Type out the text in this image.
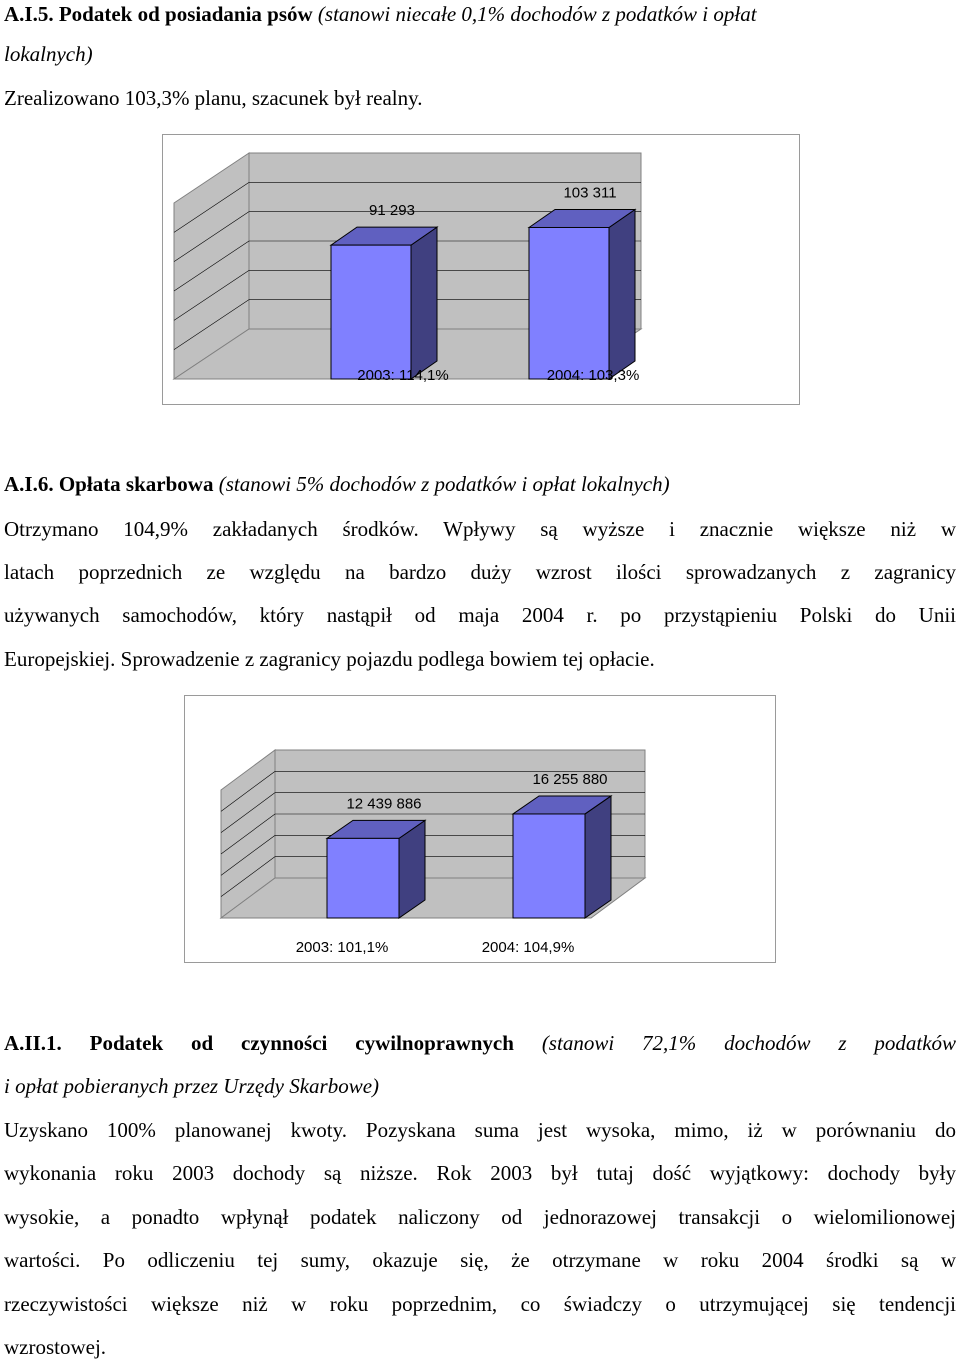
A.I.5. Podatek od posiadania psów (stanowi niecałe 0,1% dochodów z podatków i opłat
lokalnych)
Zrealizowano 103,3% planu, szacunek był realny.
91 293
2003: 114,1%
103 311
2004: 103,3%
A.I.6. Opłata skarbowa (stanowi 5% dochodów z podatków i opłat lokalnych)
Otrzymano 104,9% zakładanych środków. Wpływy są wyższe i znacznie większe niż w
latach poprzednich ze względu na bardzo duży wzrost ilości sprowadzanych z zagranicy
używanych samochodów, który nastąpił od maja 2004 r. po przystąpieniu Polski do Unii
Europejskiej. Sprowadzenie z zagranicy pojazdu podlega bowiem tej opłacie.
12 439 886
2003: 101,1%
16 255 880
2004: 104,9%
A.II.1. Podatek od czynności cywilnoprawnych (stanowi 72,1% dochodów z podatków
i opłat pobieranych przez Urzędy Skarbowe)
Uzyskano 100% planowanej kwoty. Pozyskana suma jest wysoka, mimo, iż w porównaniu do
wykonania roku 2003 dochody są niższe. Rok 2003 był tutaj dość wyjątkowy: dochody były
wysokie, a ponadto wpłynął podatek naliczony od jednorazowej transakcji o wielomilionowej
wartości. Po odliczeniu tej sumy, okazuje się, że otrzymane w roku 2004 środki są w
rzeczywistości większe niż w roku poprzednim, co świadczy o utrzymującej się tendencji
wzrostowej.
